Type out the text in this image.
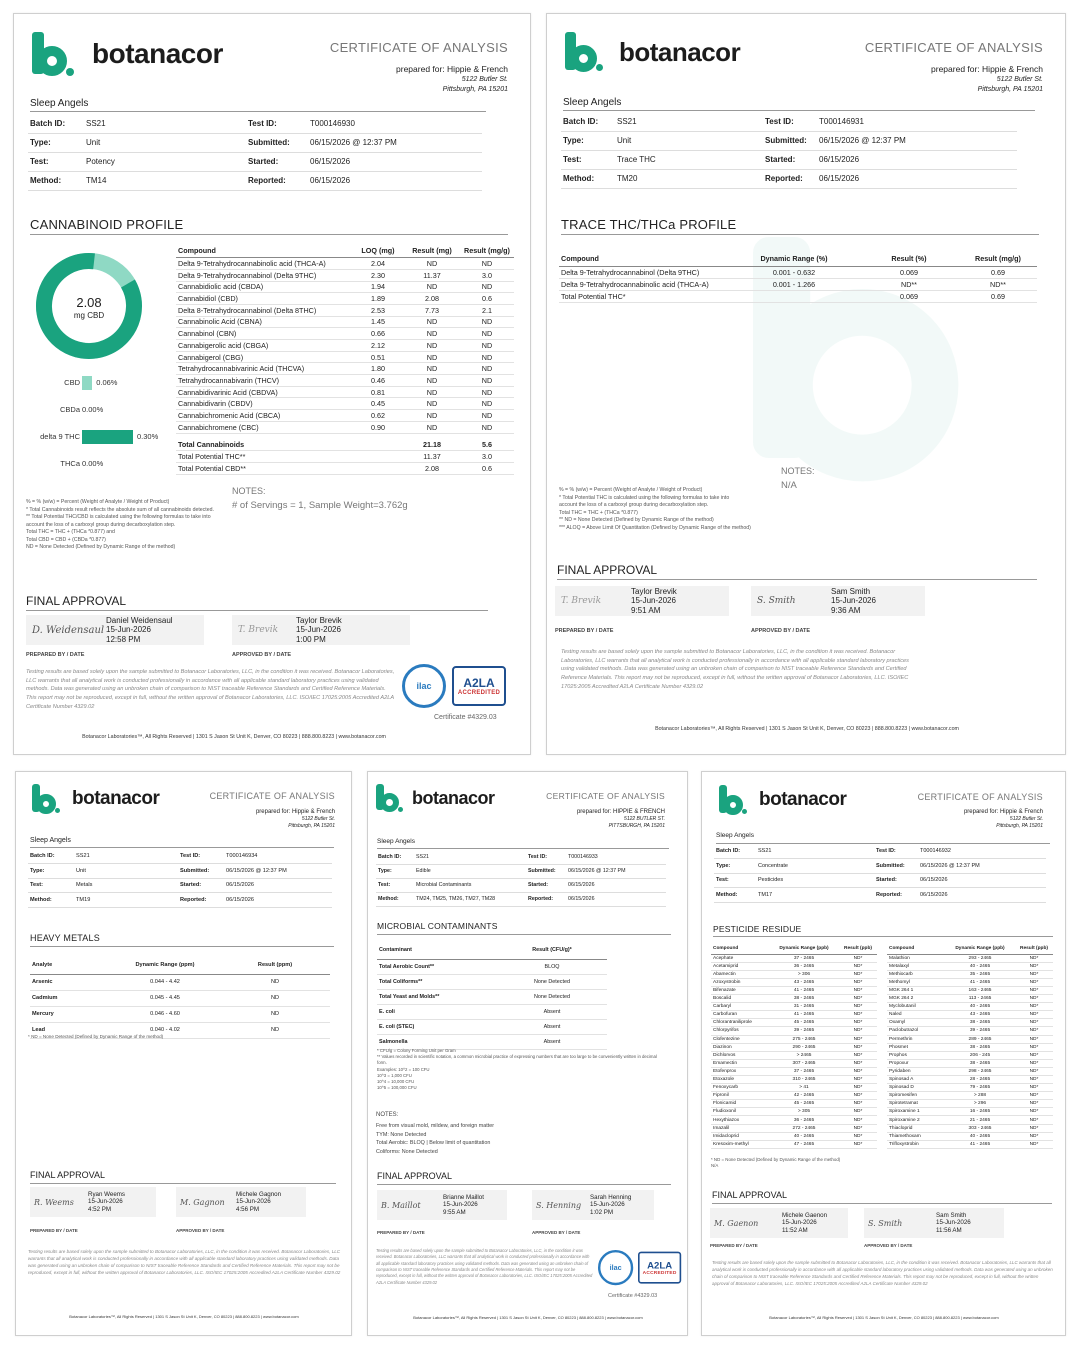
botanacor	CERTIFICATE OF ANALYSIS
prepared for: Hippie & French
5122 Butler St.
Pittsburgh, PA 15201
Sleep Angels
Batch ID:	SS21	Test ID:	T000146930
Type:	Unit	Submitted:	06/15/2026 @ 12:37 PM
Test:	Potency	Started:	06/15/2026
Method:	TM14	Reported:	06/15/2026
CANNABINOID PROFILE
2.08
mg CBD
CBD 0.06%
CBDa 0.00%
delta 9 THC	0.30%
THCa 0.00%
Compound	LOQ (mg)	Result (mg)	Result (mg/g)
Delta 9-Tetrahydrocannabinolic acid (THCA-A)	2.04	ND	ND
Delta 9-Tetrahydrocannabinol (Delta 9THC)	2.30	11.37	3.0
Cannabidiolic acid (CBDA)	1.94	ND	ND
Cannabidiol (CBD)	1.89	2.08	0.6
Delta 8-Tetrahydrocannabinol (Delta 8THC)	2.53	7.73	2.1
Cannabinolic Acid (CBNA)	1.45	ND	ND
Cannabinol (CBN)	0.66	ND	ND
Cannabigerolic acid (CBGA)	2.12	ND	ND
Cannabigerol (CBG)	0.51	ND	ND
Tetrahydrocannabivarinic Acid (THCVA)	1.80	ND	ND
Tetrahydrocannabivarin (THCV)	0.46	ND	ND
Cannabidivarinic Acid (CBDVA)	0.81	ND	ND
Cannabidivarin (CBDV)	0.45	ND	ND
Cannabichromenic Acid (CBCA)	0.62	ND	ND
Cannabichromene (CBC)	0.90	ND	ND

Total Cannabinoids		21.18	5.6
Total Potential THC**		11.37	3.0
Total Potential CBD**		2.08	0.6
NOTES:
# of Servings = 1, Sample Weight=3.762g
% = % (w/w) = Percent (Weight of Analyte / Weight of Product)
* Total Cannabinoids result reflects the absolute sum of all cannabinoids detected.
** Total Potential THC/CBD is calculated using the following formulas to take into account the loss of a carboxyl group during decarboxylation step.
Total THC = THC + (THCa *0.877) and
Total CBD = CBD + (CBDa *0.877)
ND = None Detected (Defined by Dynamic Range of the method)
FINAL APPROVAL
D. Weidensaul
Daniel Weidensaul
15-Jun-2026
12:58 PM
T. Brevik
Taylor Brevik
15-Jun-2026
1:00 PM
PREPARED BY / DATE	APPROVED BY / DATE
Testing results are based solely upon the sample submitted to Botanacor Laboratories, LLC, in the condition it was received. Botanacor Laboratories, LLC warrants that all analytical work is conducted professionally in accordance with all applicable standard laboratory practices using validated methods. Data was generated using an unbroken chain of comparison to NIST traceable Reference Standards and Certified Reference Materials. This report may not be reproduced, except in full, without the written approval of Botanacor Laboratories, LLC. ISO/IEC 17025:2005 Accredited A2LA Certificate Number 4329.02
ilac	A2LA
ACCREDITED
Certificate #4329.03
Botanacor Laboratories™, All Rights Reserved | 1301 S Jason St Unit K, Denver, CO 80223 | 888.800.8223 | www.botanacor.com
botanacor	CERTIFICATE OF ANALYSIS
prepared for: Hippie & French
5122 Butler St.
Pittsburgh, PA 15201
Sleep Angels
Batch ID:	SS21	Test ID:	T000146931
Type:	Unit	Submitted:	06/15/2026 @ 12:37 PM
Test:	Trace THC	Started:	06/15/2026
Method:	TM20	Reported:	06/15/2026
TRACE THC/THCa PROFILE
Compound	Dynamic Range (%)	Result (%)	Result (mg/g)
Delta 9-Tetrahydrocannabinol (Delta 9THC)	0.001 - 0.632	0.069	0.69
Delta 9-Tetrahydrocannabinolic acid (THCA-A)	0.001 - 1.266	ND**	ND**
Total Potential THC*		0.069	0.69
NOTES:
N/A
% = % (w/w) = Percent (Weight of Analyte / Weight of Product)
* Total Potential THC is calculated using the following formulas to take into
account the loss of a carboxyl group during decarboxylation step.
Total THC = THC + (THCa *0.877)
** ND = None Detected (Defined by Dynamic Range of the method)
*** ALOQ = Above Limit Of Quantitation (Defined by Dynamic Range of the method)
FINAL APPROVAL
T. Brevik
Taylor Brevik
15-Jun-2026
9:51 AM
S. Smith
Sam Smith
15-Jun-2026
9:36 AM
PREPARED BY / DATE	APPROVED BY / DATE
Testing results are based solely upon the sample submitted to Botanacor Laboratories, LLC, in the condition it was received. Botanacor Laboratories, LLC warrants that all analytical work is conducted professionally in accordance with all applicable standard laboratory practices using validated methods. Data was generated using an unbroken chain of comparison to NIST traceable Reference Standards and Certified Reference Materials. This report may not be reproduced, except in full, without the written approval of Botanacor Laboratories, LLC. ISO/IEC 17025:2005 Accredited A2LA Certificate Number 4329.02
Botanacor Laboratories™, All Rights Reserved | 1301 S Jason St Unit K, Denver, CO 80223 | 888.800.8223 | www.botanacor.com
botanacor	CERTIFICATE OF ANALYSIS
prepared for: Hippie & French
5122 Butler St.
Pittsburgh, PA 15201
Sleep Angels
Batch ID:	SS21	Test ID:	T000146934
Type:	Unit	Submitted:	06/15/2026 @ 12:37 PM
Test:	Metals	Started:	06/15/2026
Method:	TM19	Reported:	06/15/2026
HEAVY METALS
Analyte	Dynamic Range (ppm)	Result (ppm)
Arsenic	0.044 - 4.42	ND
Cadmium	0.045 - 4.45	ND
Mercury	0.046 - 4.60	ND
Lead	0.040 - 4.02	ND
* ND = None Detected (Defined by Dynamic Range of the method)
FINAL APPROVAL
R. Weems
Ryan Weems
15-Jun-2026
4:52 PM
M. Gagnon
Michele Gagnon
15-Jun-2026
4:56 PM
PREPARED BY / DATE	APPROVED BY / DATE
Testing results are based solely upon the sample submitted to Botanacor Laboratories, LLC, in the condition it was received. Botanacor Laboratories, LLC warrants that all analytical work is conducted professionally in accordance with all applicable standard laboratory practices using validated methods. Data was generated using an unbroken chain of comparison to NIST traceable Reference Standards and Certified Reference Materials. This report may not be reproduced, except in full, without the written approval of Botanacor Laboratories, LLC. ISO/IEC 17025:2005 Accredited A2LA Certificate Number 4329.02
Botanacor Laboratories™, All Rights Reserved | 1301 S Jason St Unit K, Denver, CO 80223 | 888.800.8223 | www.botanacor.com
botanacor	CERTIFICATE OF ANALYSIS
prepared for: HIPPIE & FRENCH
5122 BUTLER ST.
PITTSBURGH, PA 15201
Sleep Angels
Batch ID:	SS21	Test ID:	T000146933
Type:	Edible	Submitted:	06/15/2026 @ 12:37 PM
Test:	Microbial Contaminants	Started:	06/15/2026
Method:	TM24, TM25, TM26, TM27, TM28	Reported:	06/15/2026
MICROBIAL CONTAMINANTS
Contaminant	Result (CFU/g)*
Total Aerobic Count**	BLOQ
Total Coliforms**	None Detected
Total Yeast and Molds**	None Detected
E. coli	Absent
E. coli (STEC)	Absent
Salmonella	Absent
* CFU/g = Colony Forming Unit per Gram
** Values recorded in scientific notation, a common microbial practice of expressing numbers that are too large to be conveniently written in decimal form.
Examples: 10^2 = 100 CFU
10^3 = 1,000 CFU
10^4 = 10,000 CFU
10^5 = 100,000 CFU
NOTES:
Free from visual mold, mildew, and foreign matter
TYM: None Detected
Total Aerobic: BLOQ | Below limit of quantitation
Coliforms: None Detected
FINAL APPROVAL
B. Maillot
Brianne Maillot
15-Jun-2026
9:55 AM
S. Henning
Sarah Henning
15-Jun-2026
1:02 PM
PREPARED BY / DATE	APPROVED BY / DATE
Testing results are based solely upon the sample submitted to Botanacor Laboratories, LLC, in the condition it was received. Botanacor Laboratories, LLC warrants that all analytical work is conducted professionally in accordance with all applicable standard laboratory practices using validated methods. Data was generated using an unbroken chain of comparison to NIST traceable Reference Standards and Certified Reference Materials. This report may not be reproduced, except in full, without the written approval of Botanacor Laboratories, LLC. ISO/IEC 17025:2005 Accredited A2LA Certificate Number 4329.02
ilac	A2LA
ACCREDITED
Certificate #4329.03
Botanacor Laboratories™, All Rights Reserved | 1301 S Jason St Unit K, Denver, CO 80223 | 888.800.8223 | www.botanacor.com
botanacor	CERTIFICATE OF ANALYSIS
prepared for: Hippie & French
5122 Butler St.
Pittsburgh, PA 15201
Sleep Angels
Batch ID:	SS21	Test ID:	T000146932
Type:	Concentrate	Submitted:	06/15/2026 @ 12:37 PM
Test:	Pesticides	Started:	06/15/2026
Method:	TM17	Reported:	06/15/2026
PESTICIDE RESIDUE
Compound	Dynamic Range (ppb)	Result (ppb)
Acephate	37 - 2465	ND*
Acetamiprid	36 - 2465	ND*
Abamectin	> 306	ND*
Azoxystrobin	43 - 2465	ND*
Bifenazate	41 - 2465	ND*
Boscalid	38 - 2465	ND*
Carbaryl	31 - 2465	ND*
Carbofuran	41 - 2465	ND*
Chlorantraniliprole	45 - 2465	ND*
Chlorpyrifos	39 - 2465	ND*
Clofentezine	275 - 2465	ND*
Diazinon	290 - 2465	ND*
Dichlorvos	> 2465	ND*
Emamectin	307 - 2465	ND*
Etofenprox	37 - 2465	ND*
Etoxazole	310 - 2465	ND*
Fenoxycarb	> 41	ND*
Fipronil	42 - 2465	ND*
Flonicamid	45 - 2465	ND*
Fludioxonil	> 305	ND*
Hexythiazox	36 - 2465	ND*
Imazalil	272 - 2465	ND*
Imidacloprid	40 - 2465	ND*
Kresoxim-methyl	47 - 2465	ND*
Compound	Dynamic Range (ppb)	Result (ppb)
Malathion	293 - 2465	ND*
Metalaxyl	40 - 2465	ND*
Methiocarb	35 - 2465	ND*
Methomyl	41 - 2465	ND*
MGK 264 1	163 - 2465	ND*
MGK 264 2	113 - 2465	ND*
Myclobutanil	40 - 2465	ND*
Naled	43 - 2465	ND*
Oxamyl	38 - 2465	ND*
Paclobutrazol	39 - 2465	ND*
Permethrin	289 - 2465	ND*
Phosmet	38 - 2465	ND*
Prophos	206 - 245	ND*
Propoxur	38 - 2465	ND*
Pyridaben	298 - 2465	ND*
Spinosad A	28 - 2465	ND*
Spinosad D	79 - 2465	ND*
Spiromesifen	> 288	ND*
Spirotetramat	> 296	ND*
Spiroxamine 1	16 - 2465	ND*
Spiroxamine 2	21 - 2465	ND*
Thiacloprid	303 - 2465	ND*
Thiamethoxam	40 - 2465	ND*
Trifloxystrobin	41 - 2465	ND*
* ND = None Detected (Defined by Dynamic Range of the method)
N/A
FINAL APPROVAL
M. Gaenon
Michele Gaenon
15-Jun-2026
11:52 AM
S. Smith
Sam Smith
15-Jun-2026
11:56 AM
PREPARED BY / DATE	APPROVED BY / DATE
Testing results are based solely upon the sample submitted to Botanacor Laboratories, LLC, in the condition it was received. Botanacor Laboratories, LLC warrants that all analytical work is conducted professionally in accordance with all applicable standard laboratory practices using validated methods. Data was generated using an unbroken chain of comparison to NIST traceable Reference Standards and Certified Reference Materials. This report may not be reproduced, except in full, without the written approval of Botanacor Laboratories, LLC. ISO/IEC 17025:2005 Accredited A2LA Certificate Number 4329.02
Botanacor Laboratories™, All Rights Reserved | 1301 S Jason St Unit K, Denver, CO 80223 | 888.800.8223 | www.botanacor.com
